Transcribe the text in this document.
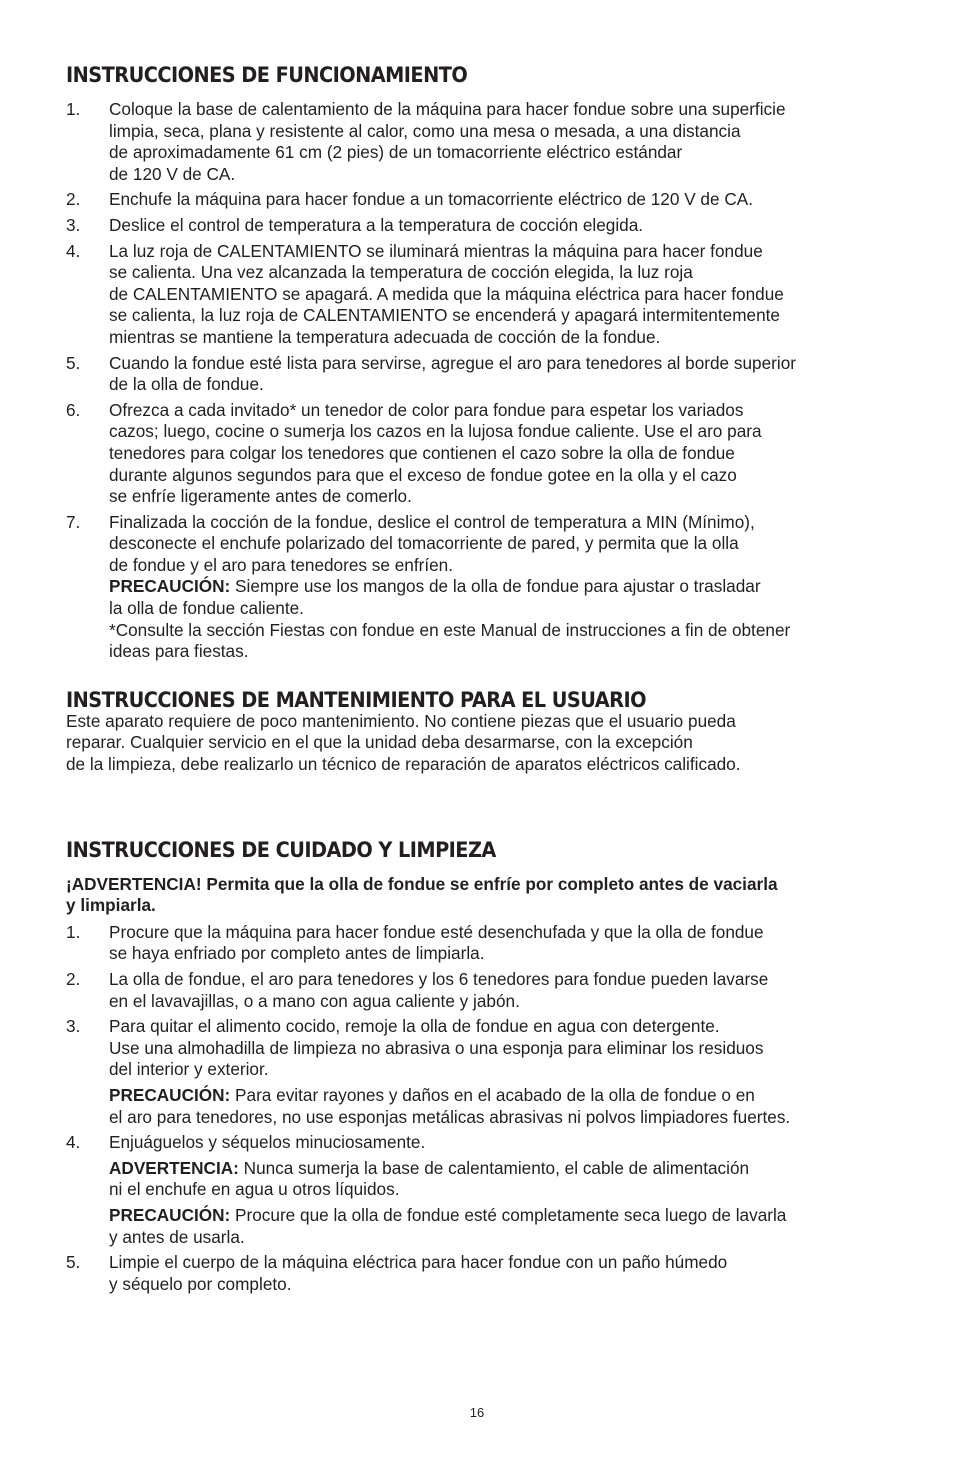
INSTRUCCIONES DE FUNCIONAMIENTO
1. Coloque la base de calentamiento de la máquina para hacer fondue sobre una superficie
limpia, seca, plana y resistente al calor, como una mesa o mesada, a una distancia
de aproximadamente 61 cm (2 pies) de un tomacorriente eléctrico estándar
de 120 V de CA.
2. Enchufe la máquina para hacer fondue a un tomacorriente eléctrico de 120 V de CA.
3. Deslice el control de temperatura a la temperatura de cocción elegida.
4. La luz roja de CALENTAMIENTO se iluminará mientras la máquina para hacer fondue
se calienta. Una vez alcanzada la temperatura de cocción elegida, la luz roja
de CALENTAMIENTO se apagará. A medida que la máquina eléctrica para hacer fondue
se calienta, la luz roja de CALENTAMIENTO se encenderá y apagará intermitentemente
mientras se mantiene la temperatura adecuada de cocción de la fondue.
5. Cuando la fondue esté lista para servirse, agregue el aro para tenedores al borde superior
de la olla de fondue.
6. Ofrezca a cada invitado* un tenedor de color para fondue para espetar los variados
cazos; luego, cocine o sumerja los cazos en la lujosa fondue caliente. Use el aro para
tenedores para colgar los tenedores que contienen el cazo sobre la olla de fondue
durante algunos segundos para que el exceso de fondue gotee en la olla y el cazo
se enfríe ligeramente antes de comerlo.
7. Finalizada la cocción de la fondue, deslice el control de temperatura a MIN (Mínimo),
desconecte el enchufe polarizado del tomacorriente de pared, y permita que la olla
de fondue y el aro para tenedores se enfríen.
PRECAUCIÓN: Siempre use los mangos de la olla de fondue para ajustar o trasladar
la olla de fondue caliente.
*Consulte la sección Fiestas con fondue en este Manual de instrucciones a fin de obtener
ideas para fiestas.
INSTRUCCIONES DE MANTENIMIENTO PARA EL USUARIO
Este aparato requiere de poco mantenimiento. No contiene piezas que el usuario pueda
reparar. Cualquier servicio en el que la unidad deba desarmarse, con la excepción
de la limpieza, debe realizarlo un técnico de reparación de aparatos eléctricos calificado.
INSTRUCCIONES DE CUIDADO Y LIMPIEZA
¡ADVERTENCIA! Permita que la olla de fondue se enfríe por completo antes de vaciarla
y limpiarla.
1. Procure que la máquina para hacer fondue esté desenchufada y que la olla de fondue
se haya enfriado por completo antes de limpiarla.
2. La olla de fondue, el aro para tenedores y los 6 tenedores para fondue pueden lavarse
en el lavavajillas, o a mano con agua caliente y jabón.
3. Para quitar el alimento cocido, remoje la olla de fondue en agua con detergente.
Use una almohadilla de limpieza no abrasiva o una esponja para eliminar los residuos
del interior y exterior.
PRECAUCIÓN: Para evitar rayones y daños en el acabado de la olla de fondue o en
el aro para tenedores, no use esponjas metálicas abrasivas ni polvos limpiadores fuertes.
4. Enjuáguelos y séquelos minuciosamente.
ADVERTENCIA: Nunca sumerja la base de calentamiento, el cable de alimentación
ni el enchufe en agua u otros líquidos.
PRECAUCIÓN: Procure que la olla de fondue esté completamente seca luego de lavarla
y antes de usarla.
5. Limpie el cuerpo de la máquina eléctrica para hacer fondue con un paño húmedo
y séquelo por completo.
16
